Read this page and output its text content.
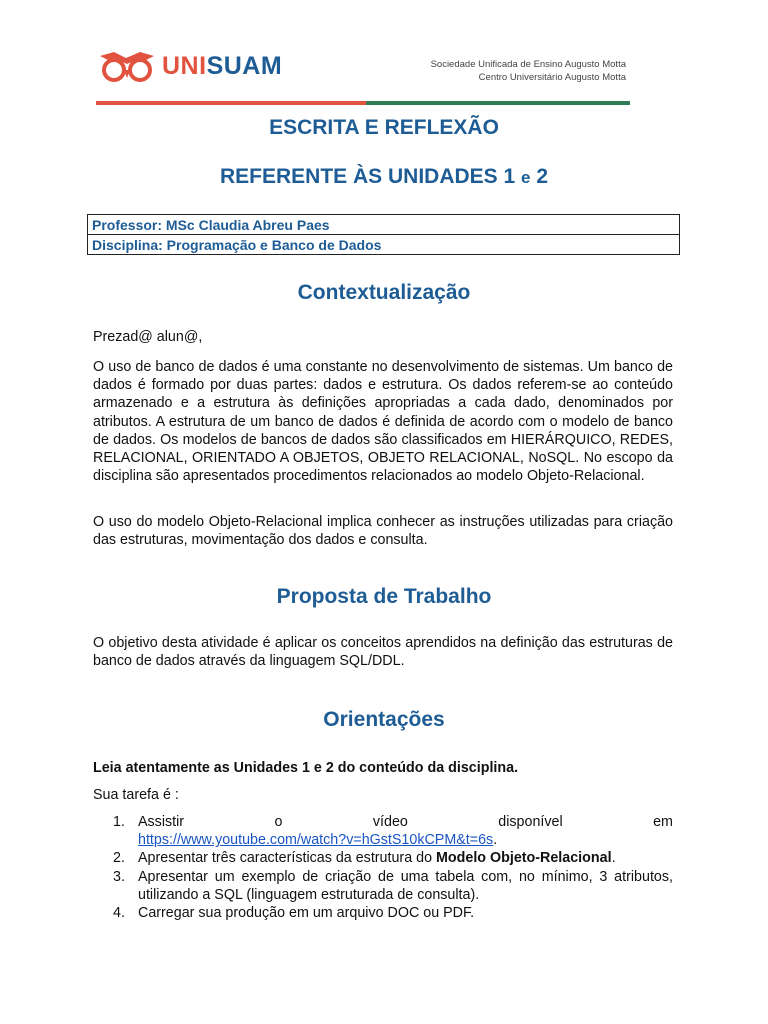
UNISUAM	Sociedade Unificada de Ensino Augusto Motta
Centro Universitário Augusto Motta
ESCRITA E REFLEXÃO
REFERENTE ÀS UNIDADES 1 e 2
Professor: MSc Claudia Abreu Paes
Disciplina: Programação e Banco de Dados
Contextualização
Prezad@ alun@,
O uso de banco de dados é uma constante no desenvolvimento de sistemas. Um banco de dados é formado por duas partes: dados e estrutura. Os dados referem-se ao conteúdo armazenado e a estrutura às definições apropriadas a cada dado, denominados por atributos. A estrutura de um banco de dados é definida de acordo com o modelo de banco de dados. Os modelos de bancos de dados são classificados em HIERÁRQUICO, REDES, RELACIONAL, ORIENTADO A OBJETOS, OBJETO RELACIONAL, NoSQL. No escopo da disciplina são apresentados procedimentos relacionados ao modelo Objeto-Relacional.
O uso do modelo Objeto-Relacional implica conhecer as instruções utilizadas para criação das estruturas, movimentação dos dados e consulta.
Proposta de Trabalho
O objetivo desta atividade é aplicar os conceitos aprendidos na definição das estruturas de banco de dados através da linguagem SQL/DDL.
Orientações
Leia atentamente as Unidades 1 e 2 do conteúdo da disciplina.
Sua tarefa é :
1. Assistir	o	vídeo	disponível	em
https://www.youtube.com/watch?v=hGstS10kCPM&t=6s.
2. Apresentar três características da estrutura do Modelo Objeto-Relacional.
3. Apresentar um exemplo de criação de uma tabela com, no mínimo, 3 atributos, utilizando a SQL (linguagem estruturada de consulta).
4. Carregar sua produção em um arquivo DOC ou PDF.
